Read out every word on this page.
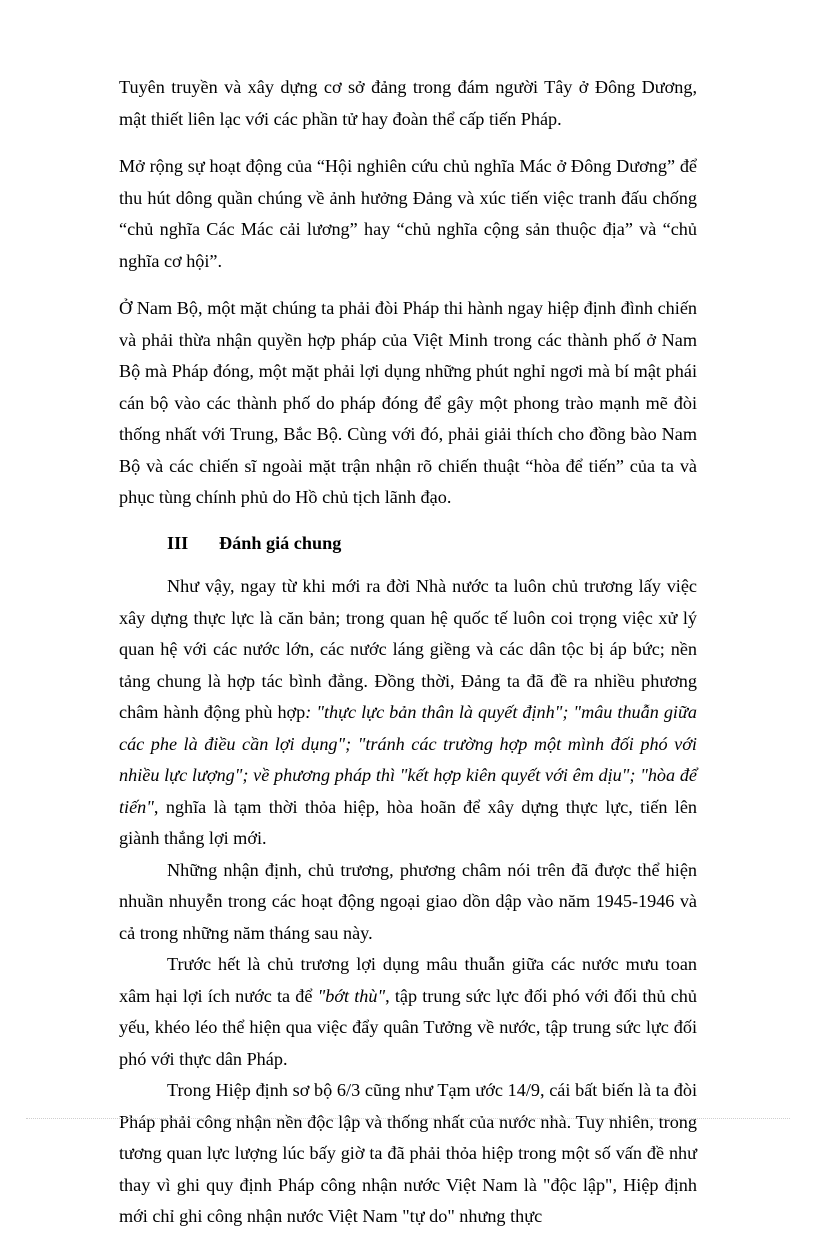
Tuyên truyền và xây dựng cơ sở đảng trong đám người Tây ở Đông Dương, mật thiết liên lạc với các phần tử hay đoàn thể cấp tiến Pháp.

Mở rộng sự hoạt động của “Hội nghiên cứu chủ nghĩa Mác ở Đông Dương” để thu hút dông quần chúng về ảnh hưởng Đảng và xúc tiến việc tranh đấu chống “chủ nghĩa Các Mác cải lương” hay “chủ nghĩa cộng sản thuộc địa” và “chủ nghĩa cơ hội”.

Ở Nam Bộ, một mặt chúng ta phải đòi Pháp thi hành ngay hiệp định đình chiến và phải thừa nhận quyền hợp pháp của Việt Minh trong các thành phố ở Nam Bộ mà Pháp đóng, một mặt phải lợi dụng những phút nghỉ ngơi mà bí mật phái cán bộ vào các thành phố do pháp đóng để gây một phong trào mạnh mẽ đòi thống nhất với Trung, Bắc Bộ. Cùng với đó, phải giải thích cho đồng bào Nam Bộ và các chiến sĩ ngoài mặt trận nhận rõ chiến thuật “hòa để tiến” của ta và phục tùng chính phủ do Hồ chủ tịch lãnh đạo.

III Đánh giá chung

Như vậy, ngay từ khi mới ra đời Nhà nước ta luôn chủ trương lấy việc xây dựng thực lực là căn bản; trong quan hệ quốc tế luôn coi trọng việc xử lý quan hệ với các nước lớn, các nước láng giềng và các dân tộc bị áp bức; nền tảng chung là hợp tác bình đẳng. Đồng thời, Đảng ta đã đề ra nhiều phương châm hành động phù hợp: "thực lực bản thân là quyết định"; "mâu thuẫn giữa các phe là điều cần lợi dụng"; "tránh các trường hợp một mình đối phó với nhiều lực lượng"; về phương pháp thì "kết hợp kiên quyết với êm dịu"; "hòa để tiến", nghĩa là tạm thời thỏa hiệp, hòa hoãn để xây dựng thực lực, tiến lên giành thắng lợi mới.

Những nhận định, chủ trương, phương châm nói trên đã được thể hiện nhuần nhuyễn trong các hoạt động ngoại giao dồn dập vào năm 1945-1946 và cả trong những năm tháng sau này.

Trước hết là chủ trương lợi dụng mâu thuẫn giữa các nước mưu toan xâm hại lợi ích nước ta để "bớt thù", tập trung sức lực đối phó với đối thủ chủ yếu, khéo léo thể hiện qua việc đẩy quân Tưởng về nước, tập trung sức lực đối phó với thực dân Pháp.

Trong Hiệp định sơ bộ 6/3 cũng như Tạm ước 14/9, cái bất biến là ta đòi Pháp phải công nhận nền độc lập và thống nhất của nước nhà. Tuy nhiên, trong tương quan lực lượng lúc bấy giờ ta đã phải thỏa hiệp trong một số vấn đề như thay vì ghi quy định Pháp công nhận nước Việt Nam là "độc lập", Hiệp định mới chỉ ghi công nhận nước Việt Nam "tự do" nhưng thực
